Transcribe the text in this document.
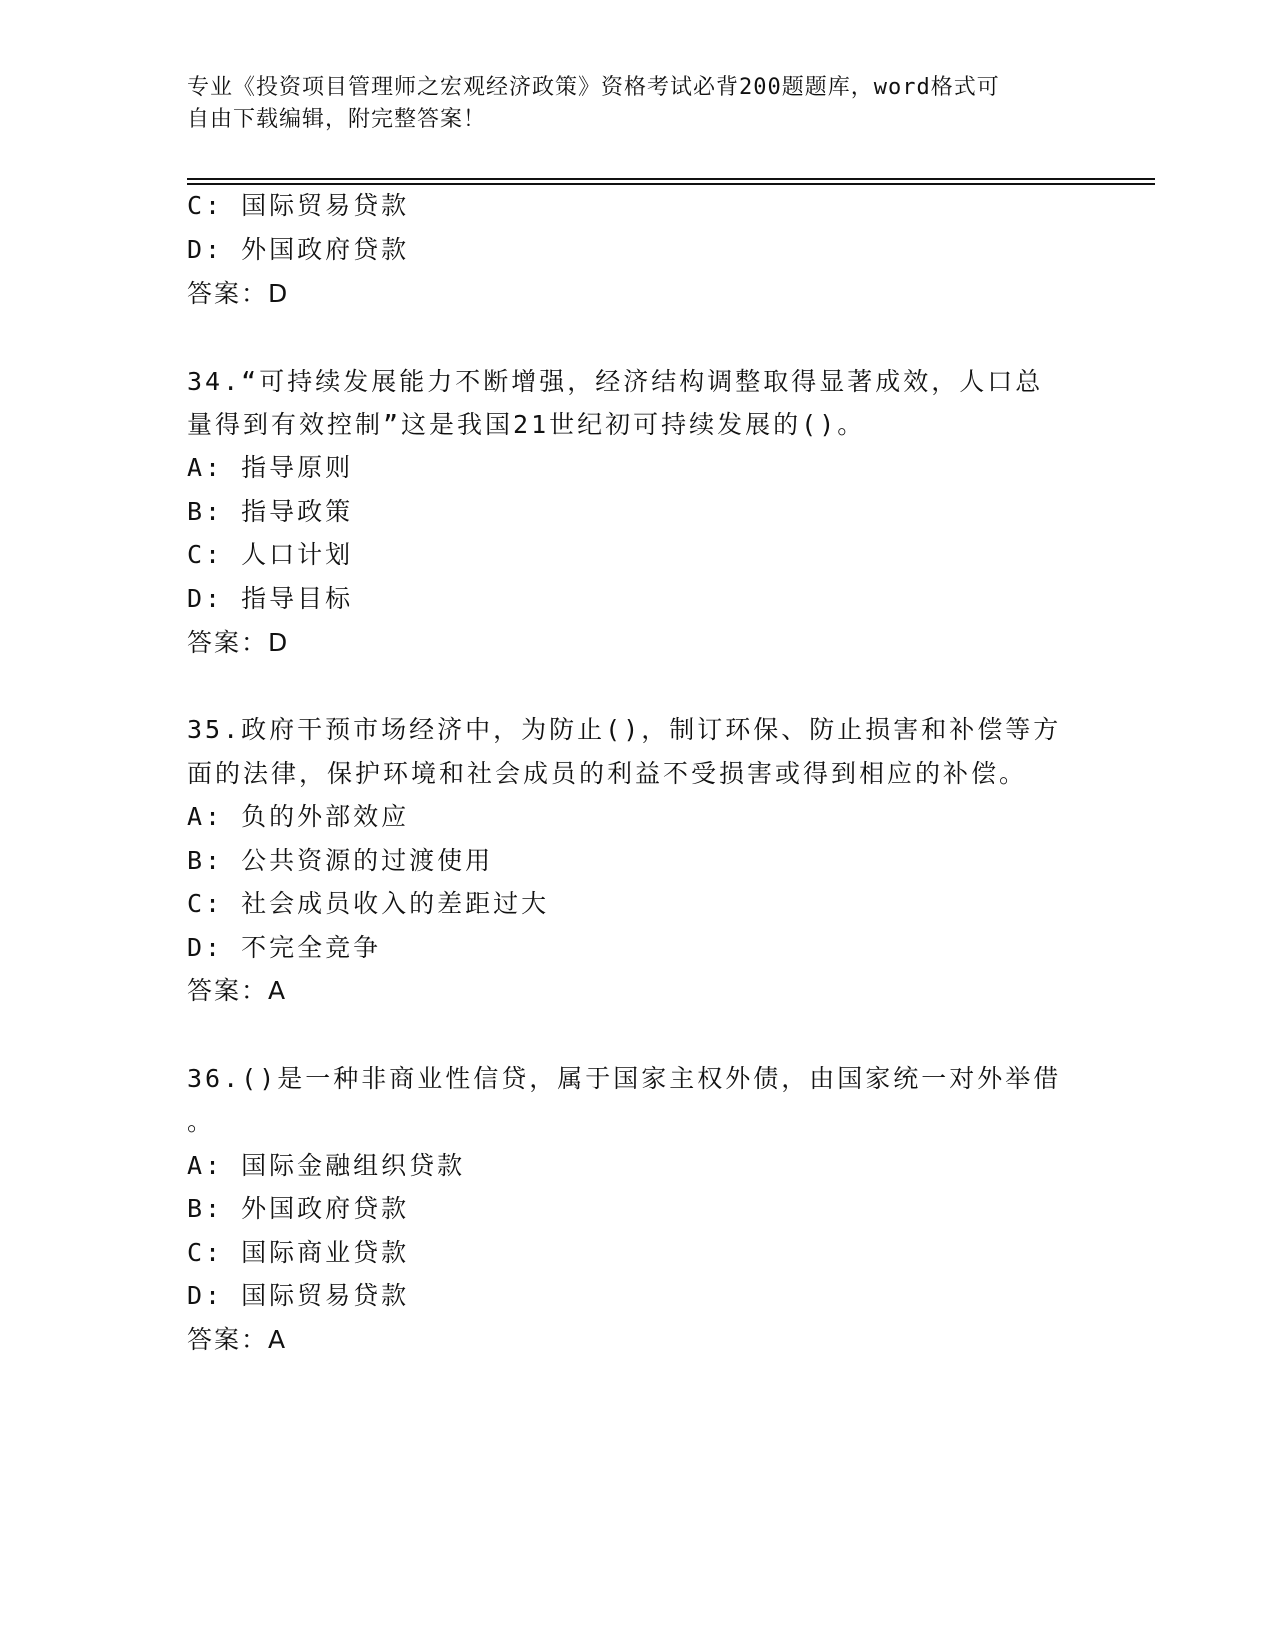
专业《投资项目管理师之宏观经济政策》资格考试必背200题题库，word格式可
自由下载编辑，附完整答案！
C: 国际贸易贷款
D: 外国政府贷款
答案：D
34.“可持续发展能力不断增强，经济结构调整取得显著成效，人口总
量得到有效控制”这是我国21世纪初可持续发展的()。
A: 指导原则
B: 指导政策
C: 人口计划
D: 指导目标
答案：D
35.政府干预市场经济中，为防止()，制订环保、防止损害和补偿等方
面的法律，保护环境和社会成员的利益不受损害或得到相应的补偿。
A: 负的外部效应
B: 公共资源的过渡使用
C: 社会成员收入的差距过大
D: 不完全竞争
答案：A
36.()是一种非商业性信贷，属于国家主权外债，由国家统一对外举借
。
A: 国际金融组织贷款
B: 外国政府贷款
C: 国际商业贷款
D: 国际贸易贷款
答案：A
